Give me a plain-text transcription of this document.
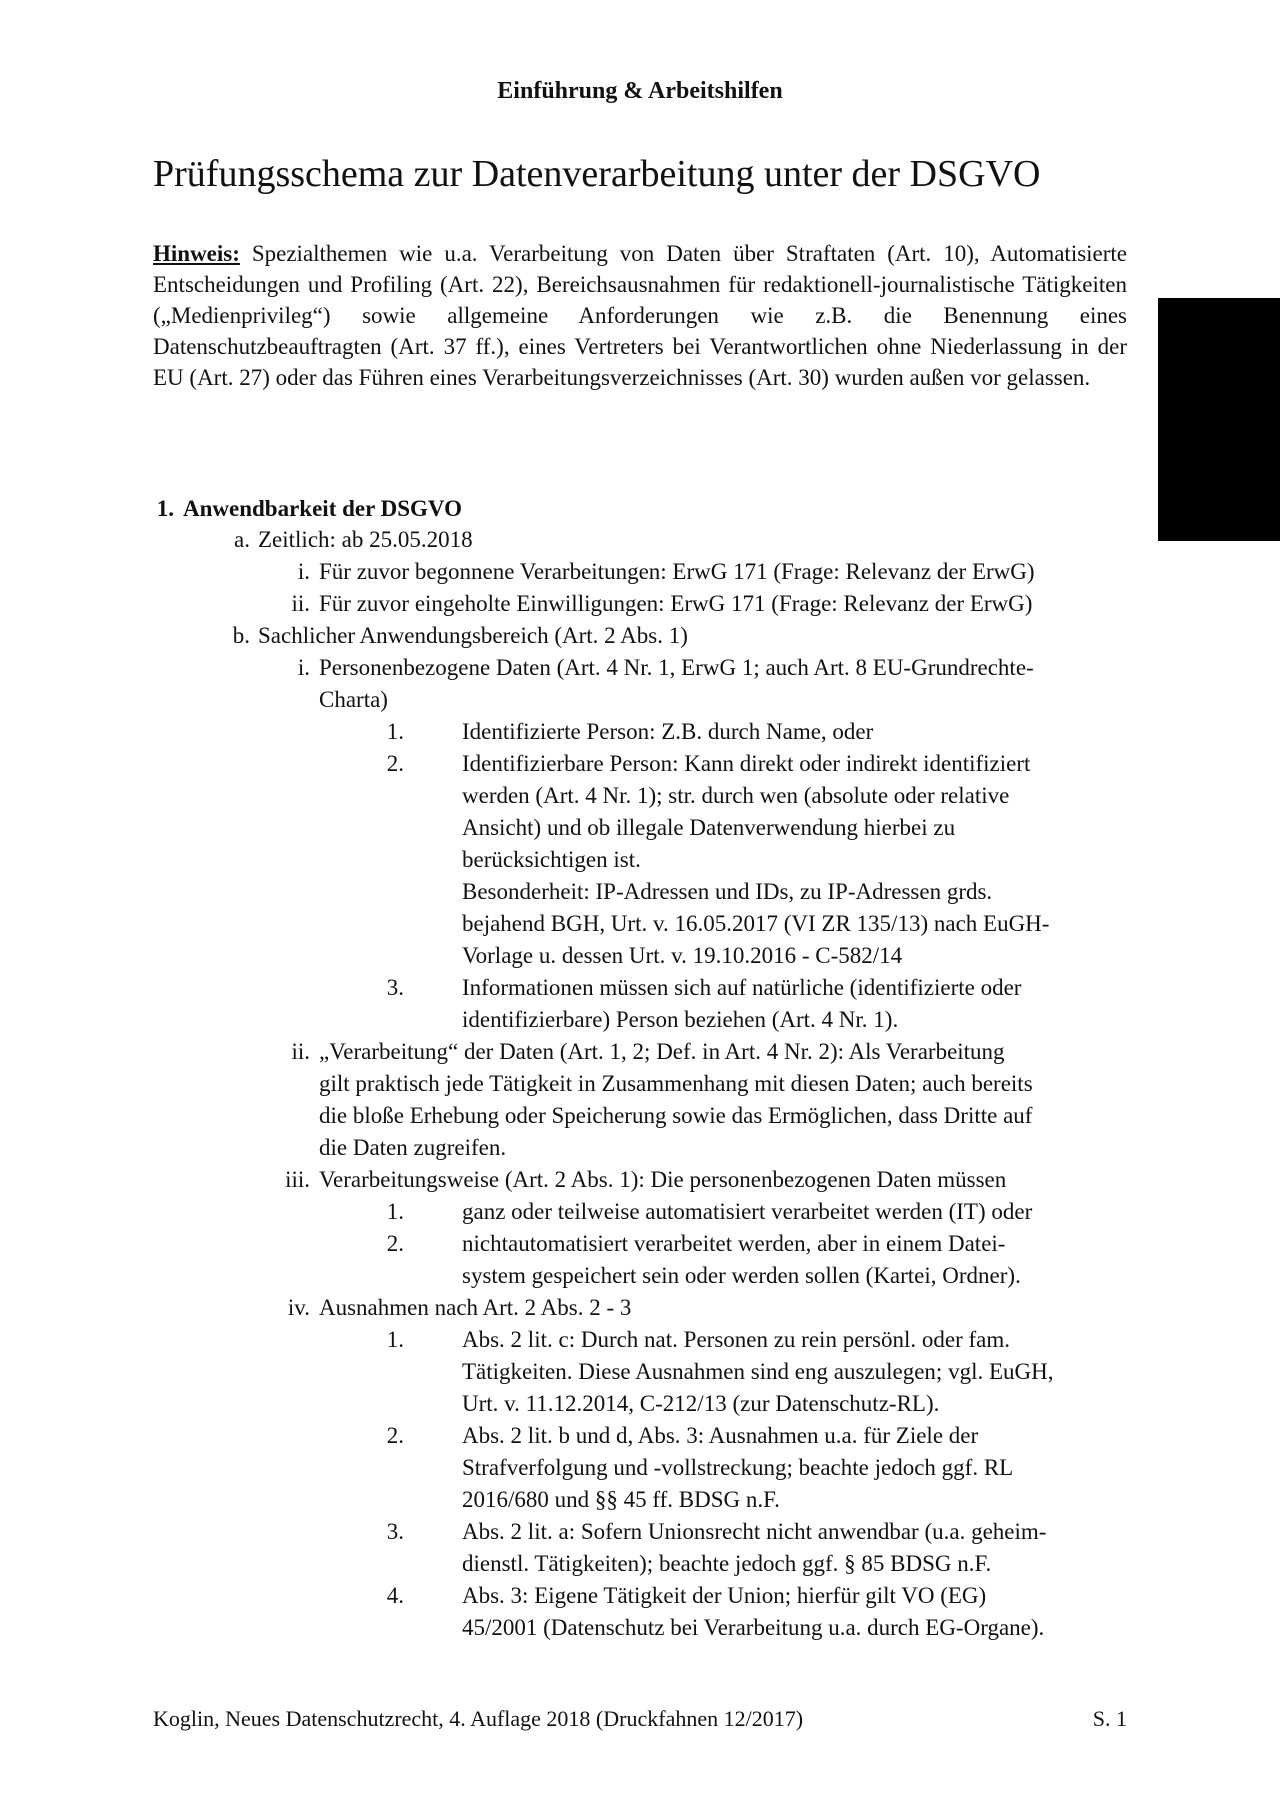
Einführung & Arbeitshilfen
Prüfungsschema zur Datenverarbeitung unter der DSGVO

Hinweis: Spezialthemen wie u.a. Verarbeitung von Daten über Straftaten (Art. 10), Automatisierte Entscheidungen und Profiling (Art. 22), Bereichsausnahmen für redaktionell-journalistische Tätigkeiten („Medienprivileg“) sowie allgemeine Anforderungen wie z.B. die Benennung eines Datenschutzbeauftragten (Art. 37 ff.), eines Vertreters bei Verantwortlichen ohne Niederlassung in der EU (Art. 27) oder das Führen eines Verarbeitungsverzeichnisses (Art. 30) wurden außen vor gelassen.

1. Anwendbarkeit der DSGVO
a. Zeitlich: ab 25.05.2018
i. Für zuvor begonnene Verarbeitungen: ErwG 171 (Frage: Relevanz der ErwG)
ii. Für zuvor eingeholte Einwilligungen: ErwG 171 (Frage: Relevanz der ErwG)
b. Sachlicher Anwendungsbereich (Art. 2 Abs. 1)
i. Personenbezogene Daten (Art. 4 Nr. 1, ErwG 1; auch Art. 8 EU-Grundrechte-
Charta)
1.	Identifizierte Person: Z.B. durch Name, oder
2.	Identifizierbare Person: Kann direkt oder indirekt identifiziert
werden (Art. 4 Nr. 1); str. durch wen (absolute oder relative
Ansicht) und ob illegale Datenverwendung hierbei zu
berücksichtigen ist.
Besonderheit: IP-Adressen und IDs, zu IP-Adressen grds.
bejahend BGH, Urt. v. 16.05.2017 (VI ZR 135/13) nach EuGH-
Vorlage u. dessen Urt. v. 19.10.2016 - C-582/14
3.	Informationen müssen sich auf natürliche (identifizierte oder
identifizierbare) Person beziehen (Art. 4 Nr. 1).
ii. „Verarbeitung“ der Daten (Art. 1, 2; Def. in Art. 4 Nr. 2): Als Verarbeitung
gilt praktisch jede Tätigkeit in Zusammenhang mit diesen Daten; auch bereits
die bloße Erhebung oder Speicherung sowie das Ermöglichen, dass Dritte auf
die Daten zugreifen.
iii. Verarbeitungsweise (Art. 2 Abs. 1): Die personenbezogenen Daten müssen
1.	ganz oder teilweise automatisiert verarbeitet werden (IT) oder
2.	nichtautomatisiert verarbeitet werden, aber in einem Datei-
system gespeichert sein oder werden sollen (Kartei, Ordner).
iv. Ausnahmen nach Art. 2 Abs. 2 - 3
1.	Abs. 2 lit. c: Durch nat. Personen zu rein persönl. oder fam.
Tätigkeiten. Diese Ausnahmen sind eng auszulegen; vgl. EuGH,
Urt. v. 11.12.2014, C‑212/13 (zur Datenschutz-RL).
2.	Abs. 2 lit. b und d, Abs. 3: Ausnahmen u.a. für Ziele der
Strafverfolgung und -vollstreckung; beachte jedoch ggf. RL
2016/680 und §§ 45 ff. BDSG n.F.
3.	Abs. 2 lit. a: Sofern Unionsrecht nicht anwendbar (u.a. geheim-
dienstl. Tätigkeiten); beachte jedoch ggf. § 85 BDSG n.F.
4.	Abs. 3: Eigene Tätigkeit der Union; hierfür gilt VO (EG)
45/2001 (Datenschutz bei Verarbeitung u.a. durch EG-Organe).
Koglin, Neues Datenschutzrecht, 4. Auflage 2018 (Druckfahnen 12/2017)	S. 1
